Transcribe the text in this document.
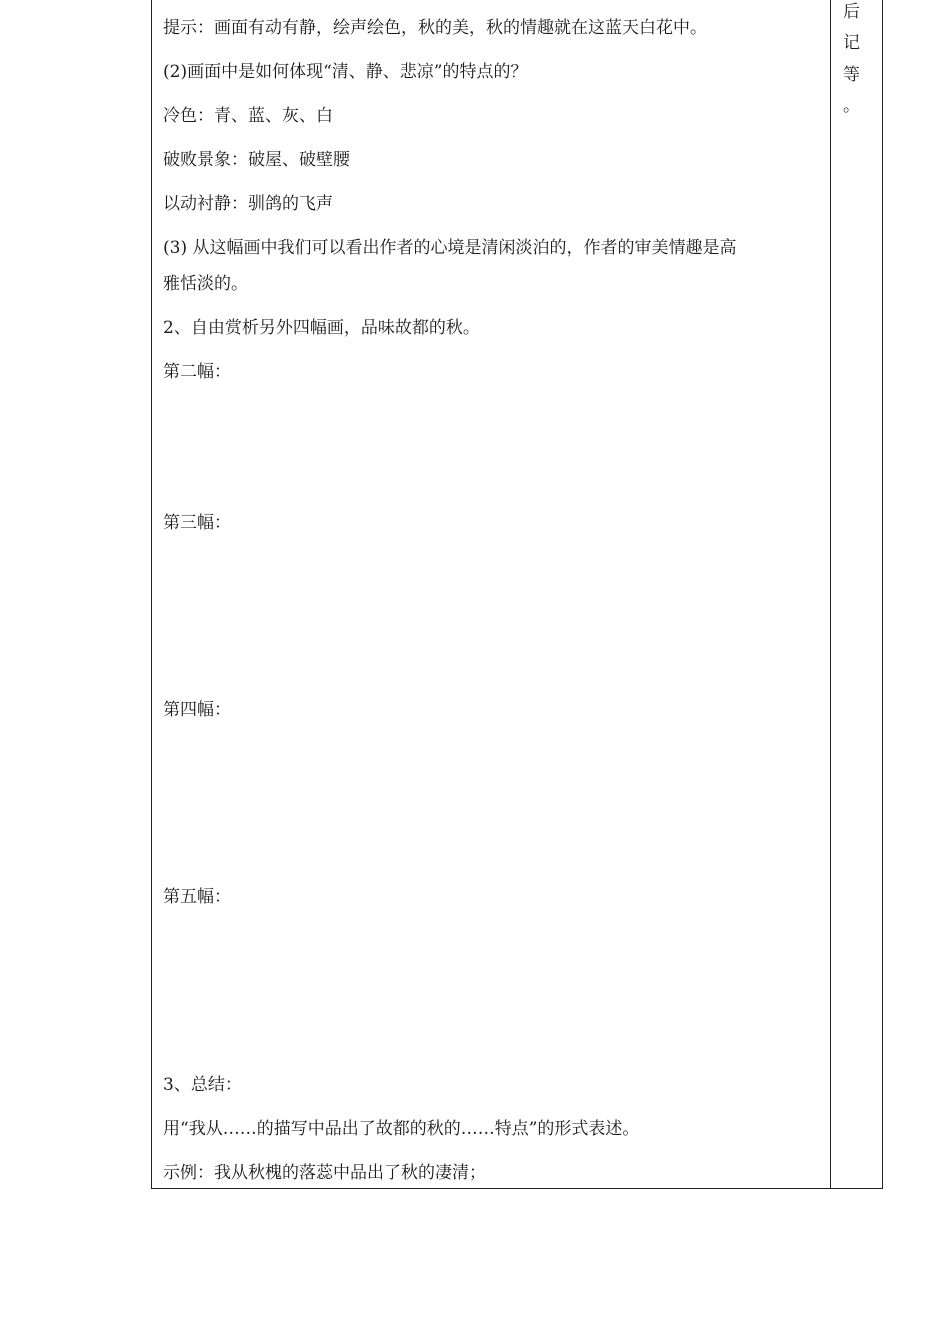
提示：画面有动有静，绘声绘色，秋的美，秋的情趣就在这蓝天白花中。
(2)画面中是如何体现“清、静、悲凉”的特点的？
冷色：青、蓝、灰、白
破败景象：破屋、破壁腰
以动衬静：驯鸽的飞声
(3) 从这幅画中我们可以看出作者的心境是清闲淡泊的，作者的审美情趣是高
雅恬淡的。
2、自由赏析另外四幅画，品味故都的秋。
第二幅：
第三幅：
第四幅：
第五幅：
3、总结：
用“我从……的描写中品出了故都的秋的……特点”的形式表述。
示例：我从秋槐的落蕊中品出了秋的凄清；
后
记
等
。
